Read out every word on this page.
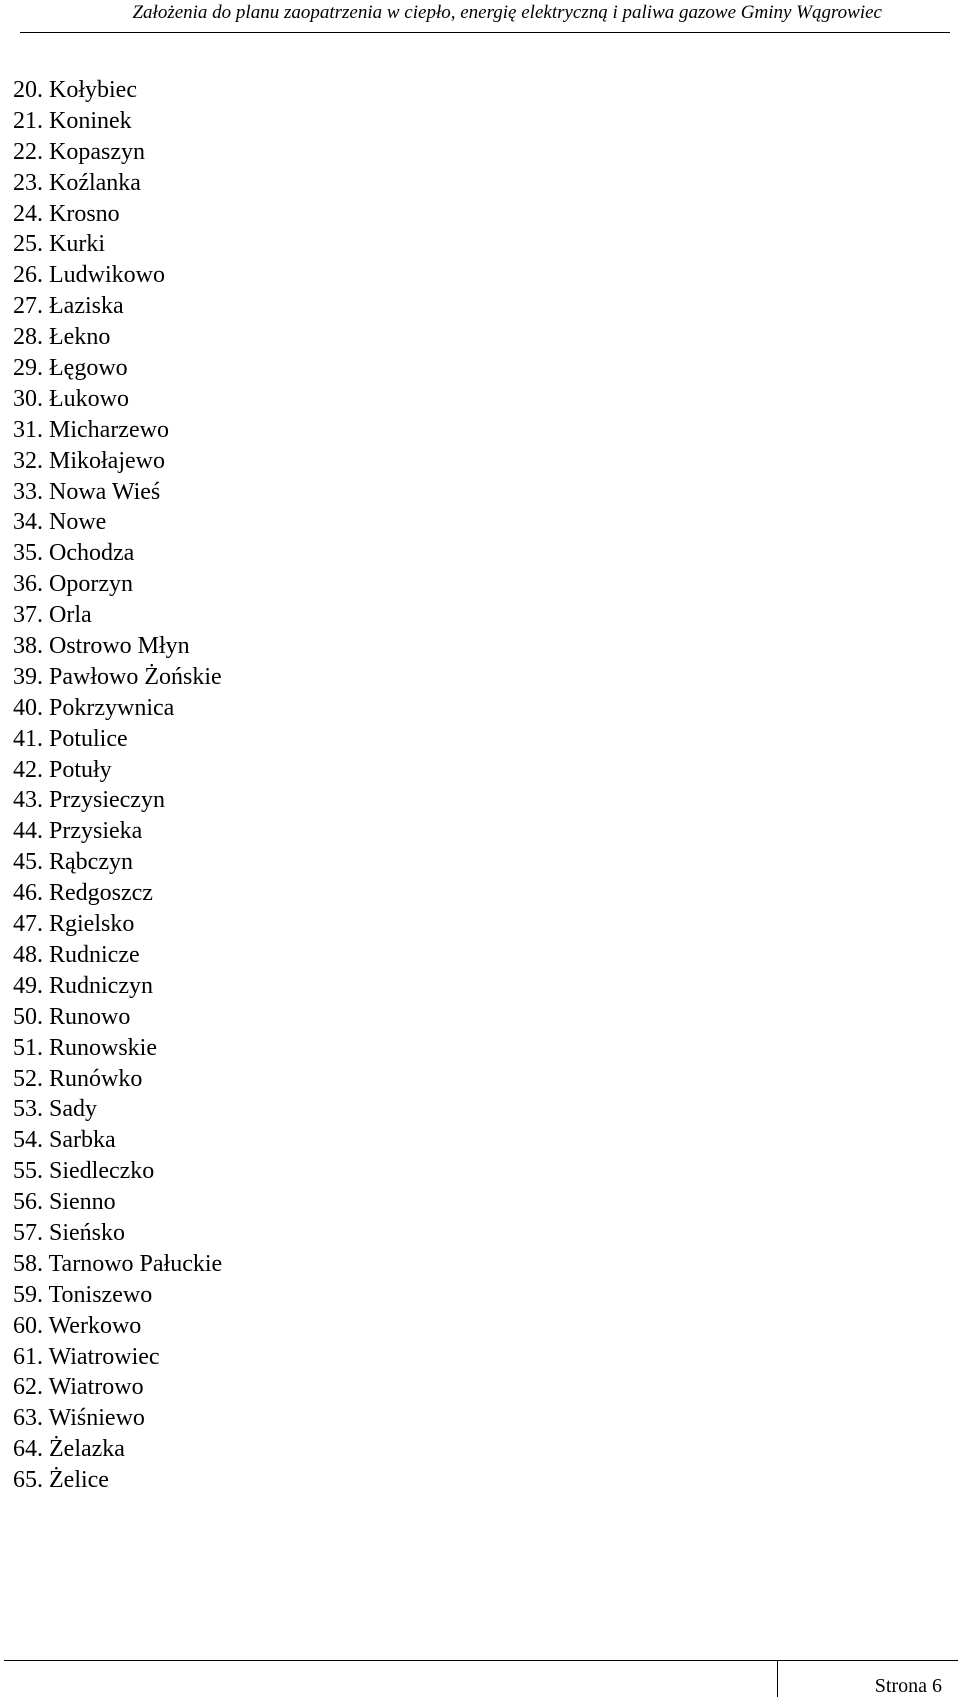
Założenia do planu zaopatrzenia w ciepło, energię elektryczną i paliwa gazowe Gminy Wągrowiec
20. Kołybiec
21. Koninek
22. Kopaszyn
23. Koźlanka
24. Krosno
25. Kurki
26. Ludwikowo
27. Łaziska
28. Łekno
29. Łęgowo
30. Łukowo
31. Micharzewo
32. Mikołajewo
33. Nowa Wieś
34. Nowe
35. Ochodza
36. Oporzyn
37. Orla
38. Ostrowo Młyn
39. Pawłowo Żońskie
40. Pokrzywnica
41. Potulice
42. Potuły
43. Przysieczyn
44. Przysieka
45. Rąbczyn
46. Redgoszcz
47. Rgielsko
48. Rudnicze
49. Rudniczyn
50. Runowo
51. Runowskie
52. Runówko
53. Sady
54. Sarbka
55. Siedleczko
56. Sienno
57. Sieńsko
58. Tarnowo Pałuckie
59. Toniszewo
60. Werkowo
61. Wiatrowiec
62. Wiatrowo
63. Wiśniewo
64. Żelazka
65. Żelice
Strona 6
